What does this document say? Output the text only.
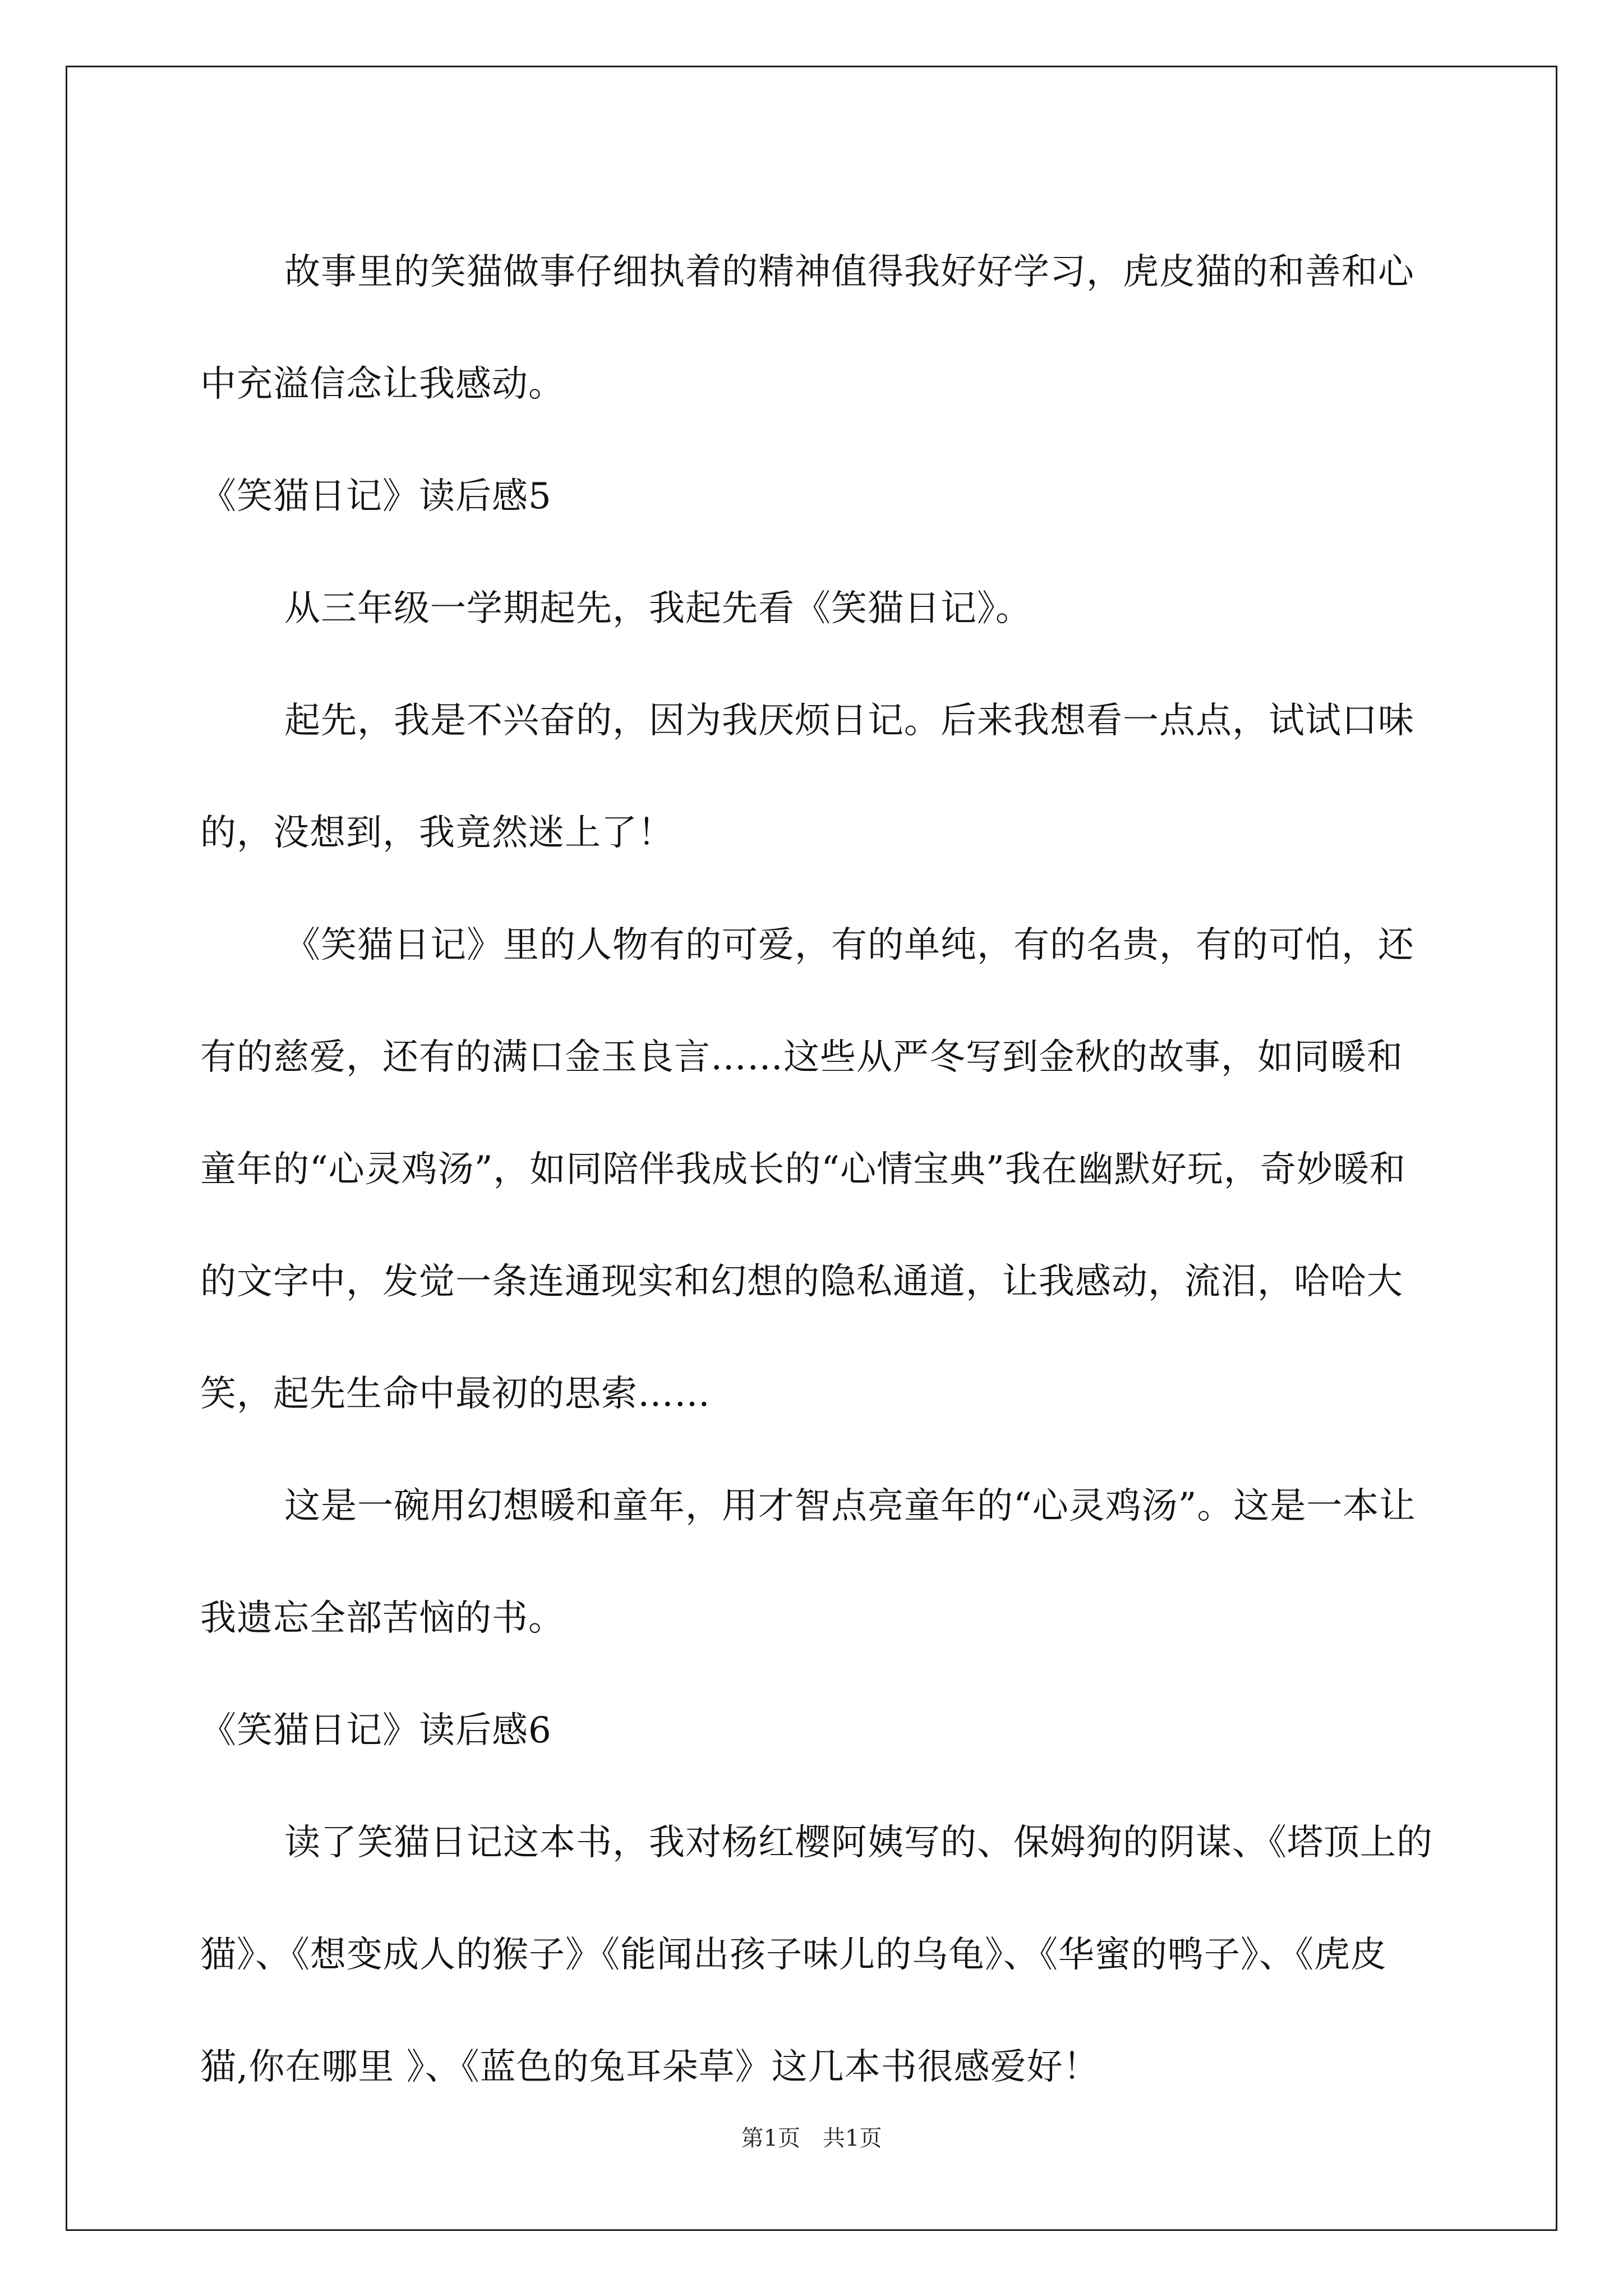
故事里的笑猫做事仔细执着的精神值得我好好学习，虎皮猫的和善和心中充溢信念让我感动。

《笑猫日记》读后感5

从三年级一学期起先，我起先看《笑猫日记》。

起先，我是不兴奋的，因为我厌烦日记。后来我想看一点点，试试口味的，没想到，我竟然迷上了！

《笑猫日记》里的人物有的可爱，有的单纯，有的名贵，有的可怕，还有的慈爱，还有的满口金玉良言……这些从严冬写到金秋的故事，如同暖和童年的“心灵鸡汤”，如同陪伴我成长的“心情宝典”我在幽默好玩，奇妙暖和的文字中，发觉一条连通现实和幻想的隐私通道，让我感动，流泪，哈哈大笑，起先生命中最初的思索……

这是一碗用幻想暖和童年，用才智点亮童年的“心灵鸡汤”。这是一本让我遗忘全部苦恼的书。

《笑猫日记》读后感6

读了笑猫日记这本书，我对杨红樱阿姨写的、保姆狗的阴谋、《塔顶上的猫》、《想变成人的猴子》《能闻出孩子味儿的乌龟》、《华蜜的鸭子》、《虎皮猫,你在哪里 》、《蓝色的兔耳朵草》这几本书很感爱好！

第1页　共1页
